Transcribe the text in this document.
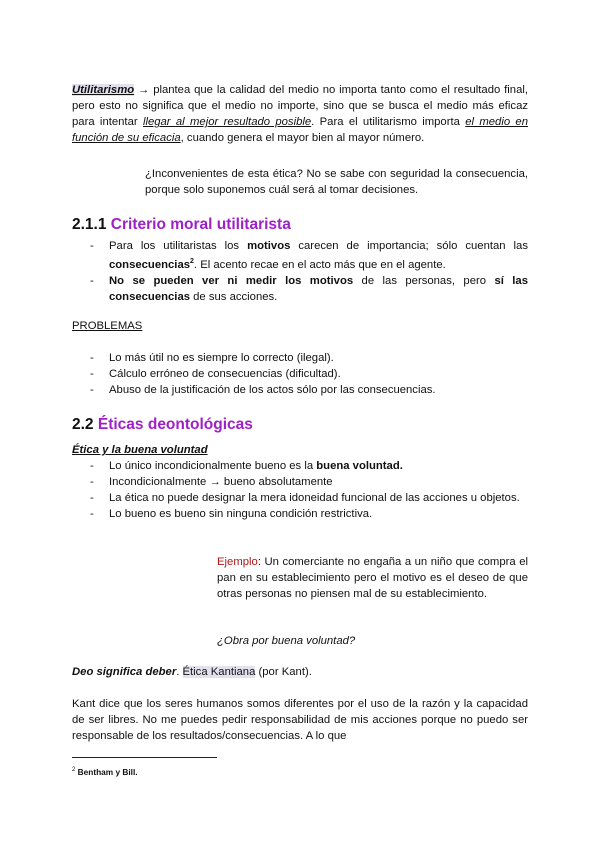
Utilitarismo → plantea que la calidad del medio no importa tanto como el resultado final, pero esto no significa que el medio no importe, sino que se busca el medio más eficaz para intentar llegar al mejor resultado posible. Para el utilitarismo importa el medio en función de su eficacia, cuando genera el mayor bien al mayor número.

¿Inconvenientes de esta ética? No se sabe con seguridad la consecuencia, porque solo suponemos cuál será al tomar decisiones.

2.1.1 Criterio moral utilitarista
- Para los utilitaristas los motivos carecen de importancia; sólo cuentan las consecuencias$^2$. El acento recae en el acto más que en el agente.
- No se pueden ver ni medir los motivos de las personas, pero sí las consecuencias de sus acciones.

PROBLEMAS

- Lo más útil no es siempre lo correcto (ilegal).
- Cálculo erróneo de consecuencias (dificultad).
- Abuso de la justificación de los actos sólo por las consecuencias.
2.2 Éticas deontológicas

Ética y la buena voluntad

- Lo único incondicionalmente bueno es la buena voluntad.
- Incondicionalmente → bueno absolutamente
- La ética no puede designar la mera idoneidad funcional de las acciones u objetos.
- Lo bueno es bueno sin ninguna condición restrictiva.

Ejemplo: Un comerciante no engaña a un niño que compra el pan en su establecimiento pero el motivo es el deseo de que otras personas no piensen mal de su establecimiento.

¿Obra por buena voluntad?

Deo significa deber. Ética Kantiana (por Kant).

Kant dice que los seres humanos somos diferentes por el uso de la razón y la capacidad de ser libres. No me puedes pedir responsabilidad de mis acciones porque no puedo ser responsable de los resultados/consecuencias. A lo que

$^2$ Bentham y Bill.
